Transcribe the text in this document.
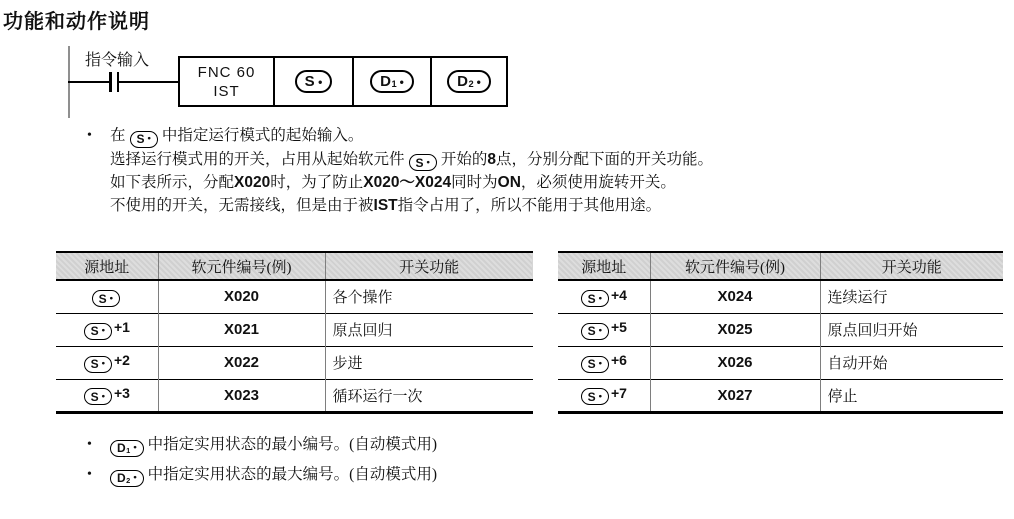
功能和动作说明
指令输入
FNC 60
IST
S •	D 1 •	D 2 •
• 在 S • 中指定运行模式的起始输入。
选择运行模式用的开关，占用从起始软元件 S • 开始的8点，分别分配下面的开关功能。
如下表所示，分配X020时，为了防止X020～X024同时为ON，必须使用旋转开关。
不使用的开关，无需接线，但是由于被IST指令占用了，所以不能用于其他用途。
源地址	软元件编号(例)	开关功能

S •	X020	各个操作

S • +1	X021	原点回归

S • +2	X022	步进

S • +3	X023	循环运行一次
源地址	软元件编号(例)	开关功能

S • +4	X024	连续运行

S • +5	X025	原点回归开始

S • +6	X026	自动开始

S • +7	X027	停止
• $D_1$ • 中指定实用状态的最小编号。(自动模式用)
• $D_2$ • 中指定实用状态的最大编号。(自动模式用)
